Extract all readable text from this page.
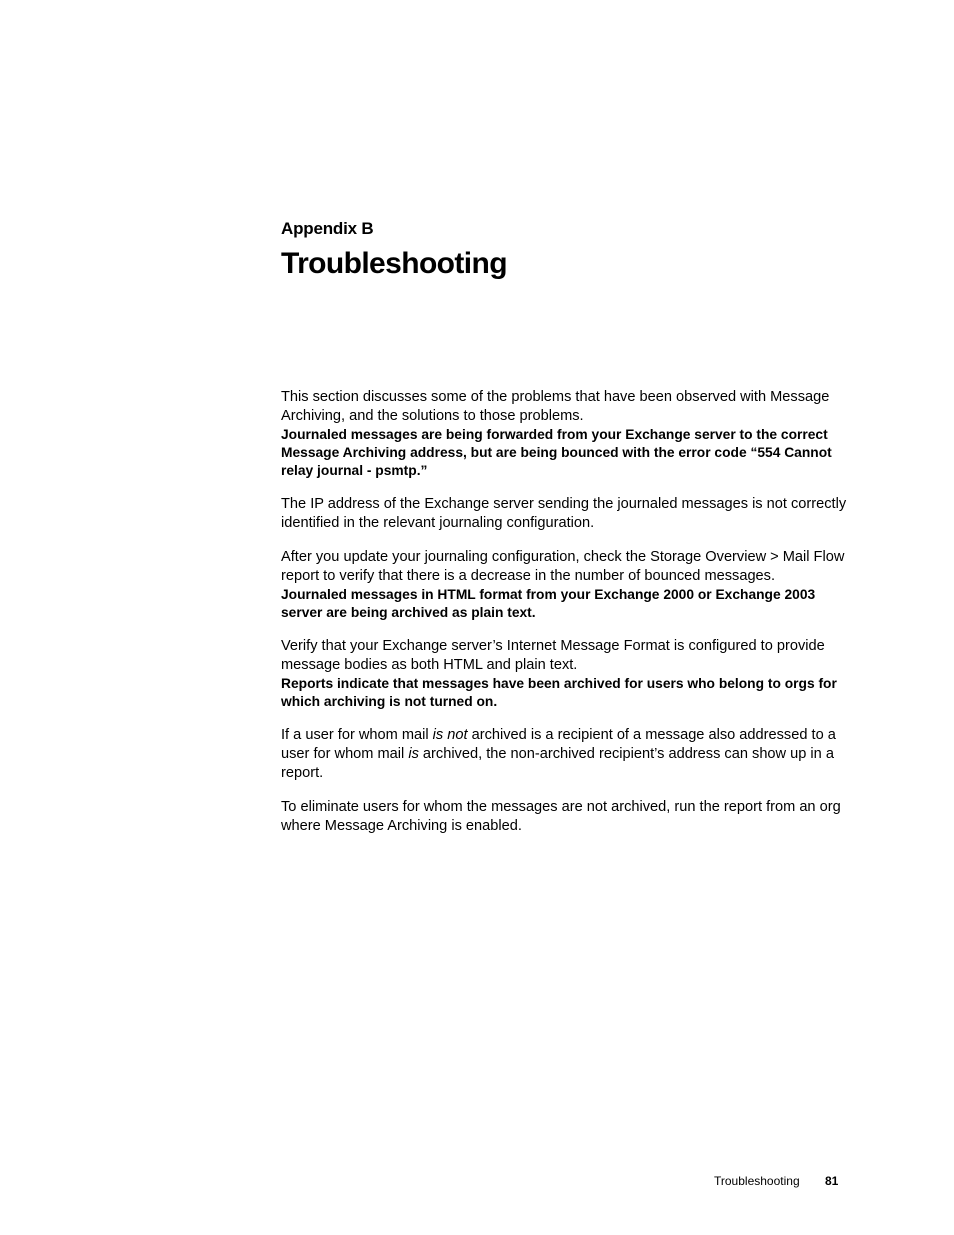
Appendix B
Troubleshooting

This section discusses some of the problems that have been observed with Message Archiving, and the solutions to those problems.

Journaled messages are being forwarded from your Exchange server to the correct Message Archiving address, but are being bounced with the error code “554 Cannot relay journal - psmtp.”

The IP address of the Exchange server sending the journaled messages is not correctly identified in the relevant journaling configuration.

After you update your journaling configuration, check the Storage Overview > Mail Flow report to verify that there is a decrease in the number of bounced messages.

Journaled messages in HTML format from your Exchange 2000 or Exchange 2003 server are being archived as plain text.

Verify that your Exchange server’s Internet Message Format is configured to provide message bodies as both HTML and plain text.

Reports indicate that messages have been archived for users who belong to orgs for which archiving is not turned on.

If a user for whom mail is not archived is a recipient of a message also addressed to a user for whom mail is archived, the non-archived recipient’s address can show up in a report.

To eliminate users for whom the messages are not archived, run the report from an org where Message Archiving is enabled.

Troubleshooting 81
